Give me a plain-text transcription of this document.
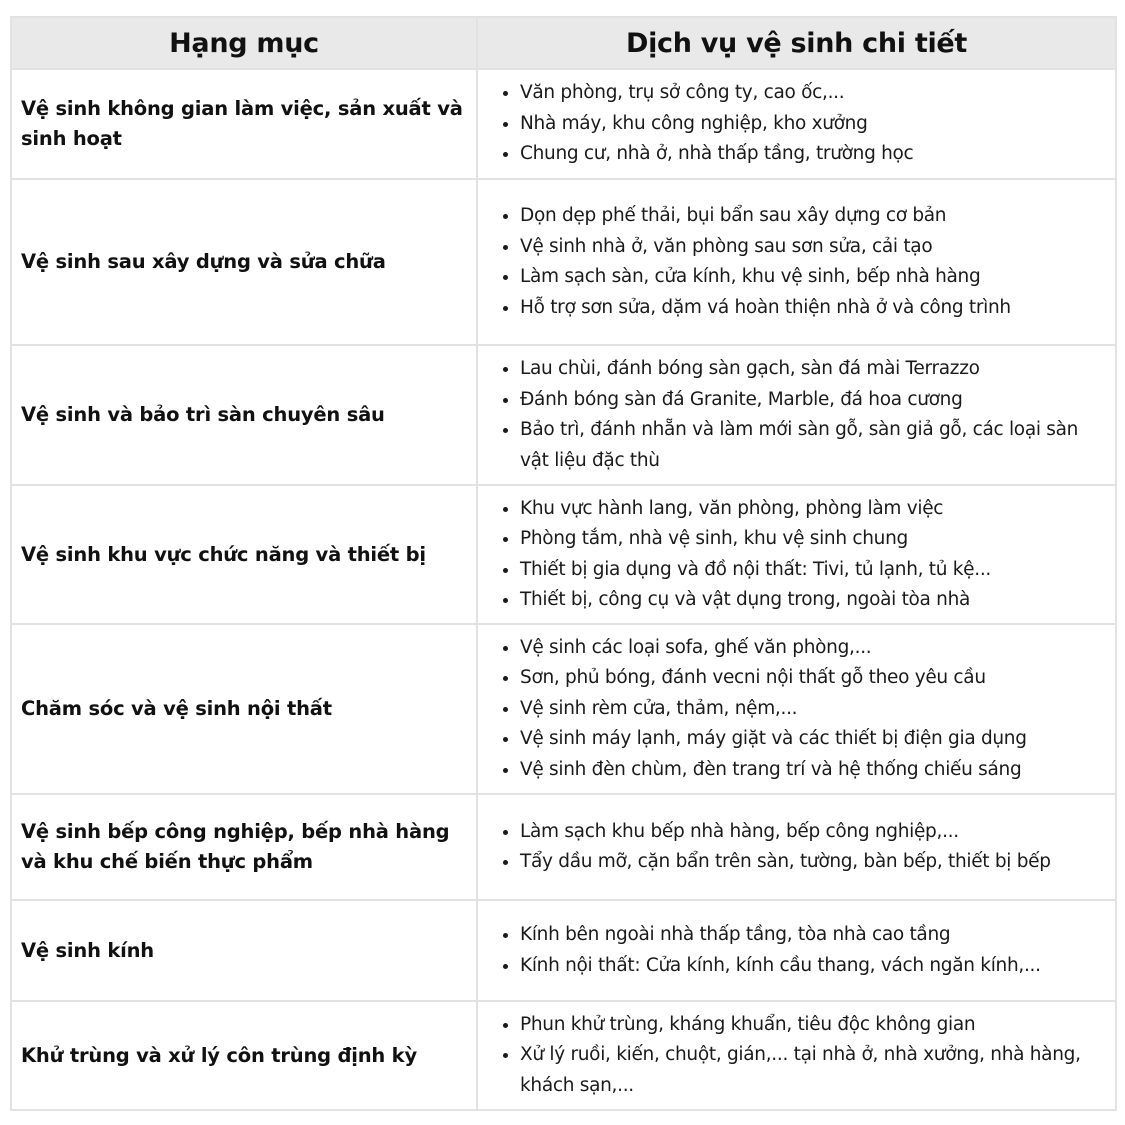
Hạng mục	Dịch vụ vệ sinh chi tiết
Vệ sinh không gian làm việc, sản xuất và sinh hoạt	
• Văn phòng, trụ sở công ty, cao ốc,...
• Nhà máy, khu công nghiệp, kho xưởng
• Chung cư, nhà ở, nhà thấp tầng, trường học

Vệ sinh sau xây dựng và sửa chữa	
• Dọn dẹp phế thải, bụi bẩn sau xây dựng cơ bản
• Vệ sinh nhà ở, văn phòng sau sơn sửa, cải tạo
• Làm sạch sàn, cửa kính, khu vệ sinh, bếp nhà hàng
• Hỗ trợ sơn sửa, dặm vá hoàn thiện nhà ở và công trình

Vệ sinh và bảo trì sàn chuyên sâu	
• Lau chùi, đánh bóng sàn gạch, sàn đá mài Terrazzo
• Đánh bóng sàn đá Granite, Marble, đá hoa cương
• Bảo trì, đánh nhẵn và làm mới sàn gỗ, sàn giả gỗ, các loại sàn vật liệu đặc thù

Vệ sinh khu vực chức năng và thiết bị	
• Khu vực hành lang, văn phòng, phòng làm việc
• Phòng tắm, nhà vệ sinh, khu vệ sinh chung
• Thiết bị gia dụng và đồ nội thất: Tivi, tủ lạnh, tủ kệ...
• Thiết bị, công cụ và vật dụng trong, ngoài tòa nhà

Chăm sóc và vệ sinh nội thất	
• Vệ sinh các loại sofa, ghế văn phòng,...
• Sơn, phủ bóng, đánh vecni nội thất gỗ theo yêu cầu
• Vệ sinh rèm cửa, thảm, nệm,...
• Vệ sinh máy lạnh, máy giặt và các thiết bị điện gia dụng
• Vệ sinh đèn chùm, đèn trang trí và hệ thống chiếu sáng

Vệ sinh bếp công nghiệp, bếp nhà hàng và khu chế biến thực phẩm	
• Làm sạch khu bếp nhà hàng, bếp công nghiệp,...
• Tẩy dầu mỡ, cặn bẩn trên sàn, tường, bàn bếp, thiết bị bếp

Vệ sinh kính	
• Kính bên ngoài nhà thấp tầng, tòa nhà cao tầng
• Kính nội thất: Cửa kính, kính cầu thang, vách ngăn kính,...

Khử trùng và xử lý côn trùng định kỳ	
• Phun khử trùng, kháng khuẩn, tiêu độc không gian
• Xử lý ruồi, kiến, chuột, gián,... tại nhà ở, nhà xưởng, nhà hàng, khách sạn,...
